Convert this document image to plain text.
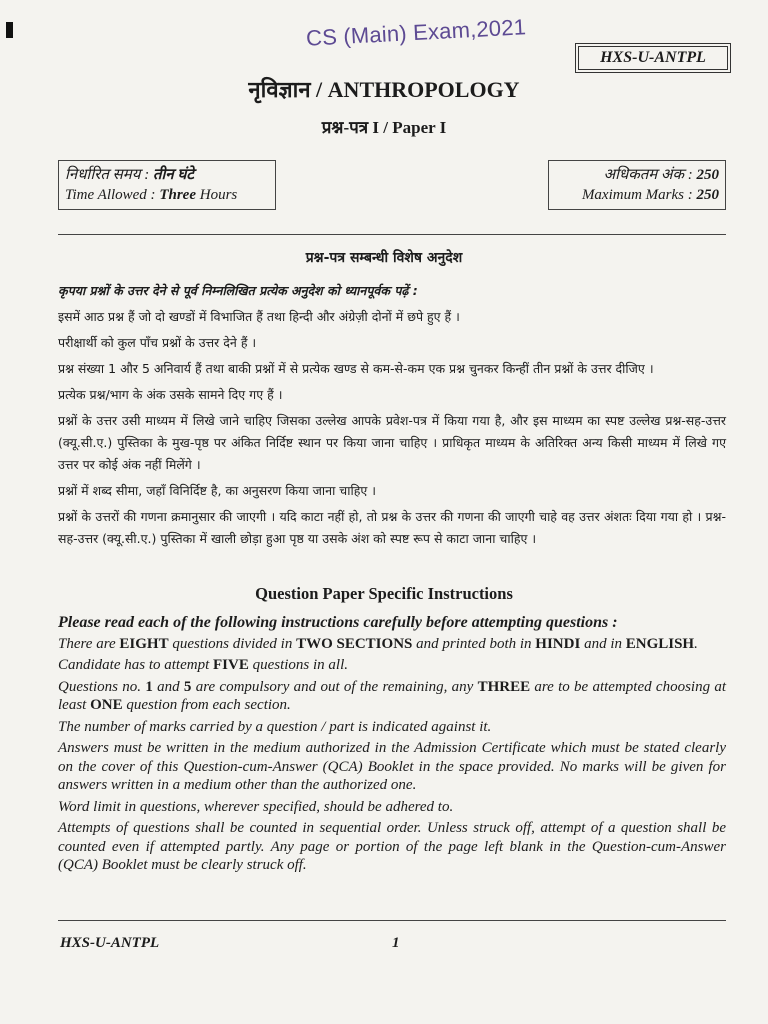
CS (Main) Exam,2021
HXS-U-ANTPL
नृविज्ञान / ANTHROPOLOGY
प्रश्न-पत्र I / Paper I
निर्धारित समय : तीन घंटे
Time Allowed : Three Hours
अधिकतम अंक : 250
Maximum Marks : 250
प्रश्न-पत्र सम्बन्धी विशेष अनुदेश

कृपया प्रश्नों के उत्तर देने से पूर्व निम्नलिखित प्रत्येक अनुदेश को ध्यानपूर्वक पढ़ें :

इसमें आठ प्रश्न हैं जो दो खण्डों में विभाजित हैं तथा हिन्दी और अंग्रेज़ी दोनों में छपे हुए हैं ।

परीक्षार्थी को कुल पाँच प्रश्नों के उत्तर देने हैं ।

प्रश्न संख्या 1 और 5 अनिवार्य हैं तथा बाकी प्रश्नों में से प्रत्येक खण्ड से कम-से-कम एक प्रश्न चुनकर किन्हीं तीन प्रश्नों के उत्तर दीजिए ।

प्रत्येक प्रश्न/भाग के अंक उसके सामने दिए गए हैं ।

प्रश्नों के उत्तर उसी माध्यम में लिखे जाने चाहिए जिसका उल्लेख आपके प्रवेश-पत्र में किया गया है, और इस माध्यम का स्पष्ट उल्लेख प्रश्न-सह-उत्तर (क्यू.सी.ए.) पुस्तिका के मुख-पृष्ठ पर अंकित निर्दिष्ट स्थान पर किया जाना चाहिए । प्राधिकृत माध्यम के अतिरिक्त अन्य किसी माध्यम में लिखे गए उत्तर पर कोई अंक नहीं मिलेंगे ।

प्रश्नों में शब्द सीमा, जहाँ विनिर्दिष्ट है, का अनुसरण किया जाना चाहिए ।

प्रश्नों के उत्तरों की गणना क्रमानुसार की जाएगी । यदि काटा नहीं हो, तो प्रश्न के उत्तर की गणना की जाएगी चाहे वह उत्तर अंशतः दिया गया हो । प्रश्न-सह-उत्तर (क्यू.सी.ए.) पुस्तिका में खाली छोड़ा हुआ पृष्ठ या उसके अंश को स्पष्ट रूप से काटा जाना चाहिए ।

Question Paper Specific Instructions

Please read each of the following instructions carefully before attempting questions :

There are EIGHT questions divided in TWO SECTIONS and printed both in HINDI and in ENGLISH.

Candidate has to attempt FIVE questions in all.

Questions no. 1 and 5 are compulsory and out of the remaining, any THREE are to be attempted choosing at least ONE question from each section.

The number of marks carried by a question / part is indicated against it.

Answers must be written in the medium authorized in the Admission Certificate which must be stated clearly on the cover of this Question-cum-Answer (QCA) Booklet in the space provided. No marks will be given for answers written in a medium other than the authorized one.

Word limit in questions, wherever specified, should be adhered to.

Attempts of questions shall be counted in sequential order. Unless struck off, attempt of a question shall be counted even if attempted partly. Any page or portion of the page left blank in the Question-cum-Answer (QCA) Booklet must be clearly struck off.

HXS-U-ANTPL	1
